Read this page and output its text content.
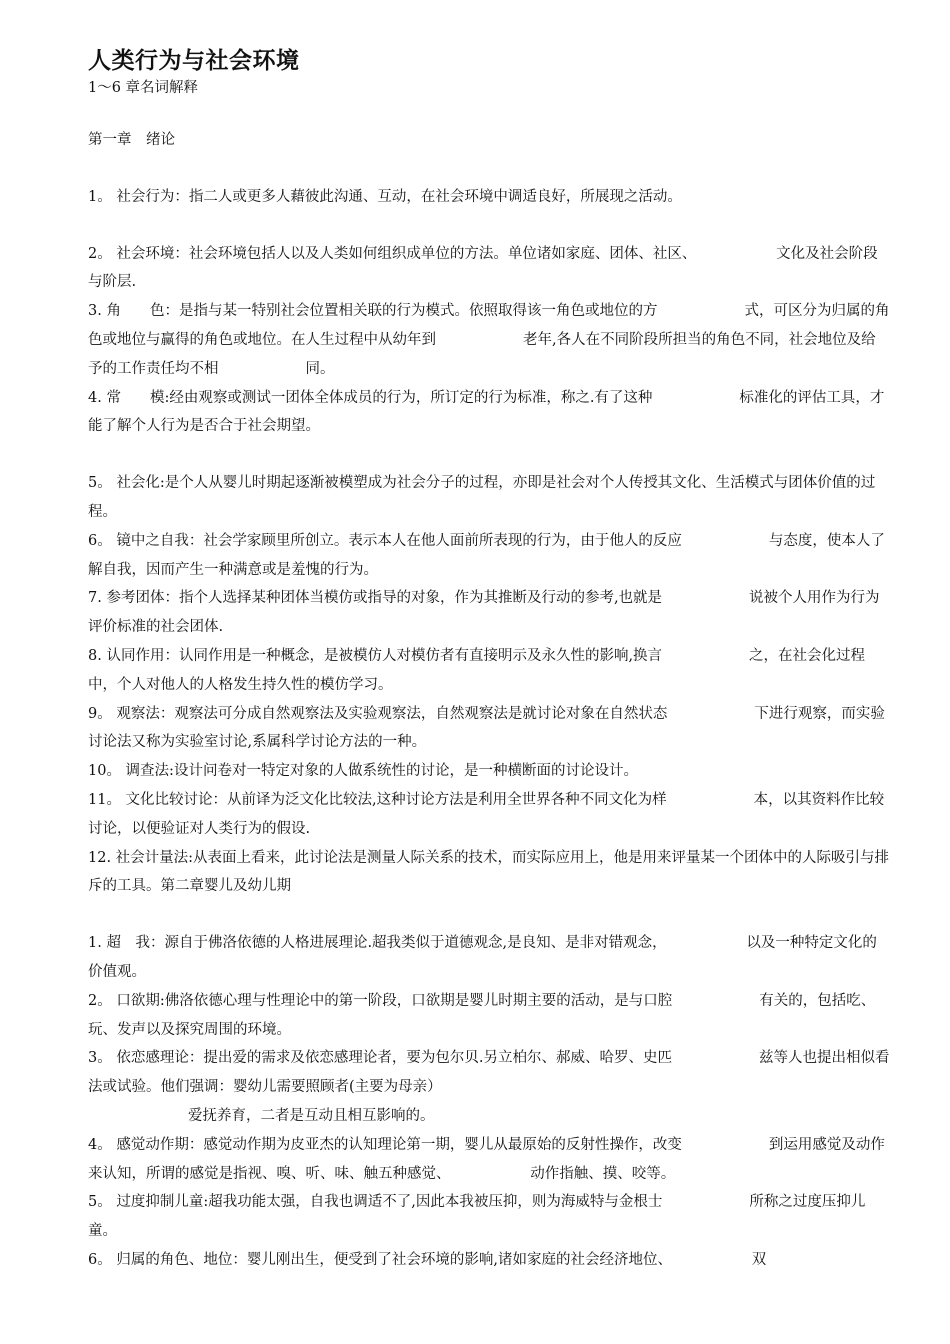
人类行为与社会环境

1～6 章名词解释

第一章　绪论

1。 社会行为：指二人或更多人藉彼此沟通、互动，在社会环境中调适良好，所展现之活动。

2。 社会环境：社会环境包括人以及人类如何组织成单位的方法。单位诸如家庭、团体、社区、　　　　　　文化及社会阶段与阶层.

3. 角　　色：是指与某一特别社会位置相关联的行为模式。依照取得该一角色或地位的方　　　　　　式，可区分为归属的角色或地位与赢得的角色或地位。在人生过程中从幼年到　　　　　　老年,各人在不同阶段所担当的角色不同，社会地位及给予的工作责任均不相　　　　　　同。

4. 常　　模:经由观察或测试一团体全体成员的行为，所订定的行为标准，称之.有了这种　　　　　　标准化的评估工具，才能了解个人行为是否合于社会期望。

5。 社会化:是个人从婴儿时期起逐渐被模塑成为社会分子的过程，亦即是社会对个人传授其文化、生活模式与团体价值的过程。

6。 镜中之自我：社会学家顾里所创立。表示本人在他人面前所表现的行为，由于他人的反应　　　　　　与态度，使本人了解自我，因而产生一种满意或是羞愧的行为。

7. 参考团体：指个人选择某种团体当模仿或指导的对象，作为其推断及行动的参考,也就是　　　　　　说被个人用作为行为评价标准的社会团体.

8. 认同作用：认同作用是一种概念，是被模仿人对模仿者有直接明示及永久性的影响,换言　　　　　　之，在社会化过程中，个人对他人的人格发生持久性的模仿学习。

9。 观察法：观察法可分成自然观察法及实验观察法，自然观察法是就讨论对象在自然状态　　　　　　下进行观察，而实验讨论法又称为实验室讨论,系属科学讨论方法的一种。

10。 调查法:设计问卷对一特定对象的人做系统性的讨论，是一种横断面的讨论设计。

11。 文化比较讨论：从前译为泛文化比较法,这种讨论方法是利用全世界各种不同文化为样　　　　　　本，以其资料作比较讨论，以便验证对人类行为的假设.

12. 社会计量法:从表面上看来，此讨论法是测量人际关系的技术，而实际应用上，他是用来评量某一个团体中的人际吸引与排斥的工具。第二章婴儿及幼儿期

1. 超　我：源自于佛洛依德的人格进展理论.超我类似于道德观念,是良知、是非对错观念，　　　　　　以及一种特定文化的价值观。

2。 口欲期:佛洛依德心理与性理论中的第一阶段，口欲期是婴儿时期主要的活动，是与口腔　　　　　　有关的，包括吃、玩、发声以及探究周围的环境。

3。 依恋感理论：提出爱的需求及依恋感理论者，要为包尔贝.另立柏尔、郝威、哈罗、史匹　　　　　　兹等人也提出相似看法或试验。他们强调：婴幼儿需要照顾者(主要为母亲）

爱抚养育，二者是互动且相互影响的。

4。 感觉动作期：感觉动作期为皮亚杰的认知理论第一期，婴儿从最原始的反射性操作，改变　　　　　　到运用感觉及动作来认知，所谓的感觉是指视、嗅、听、味、触五种感觉、　　　　　　动作指触、摸、咬等。

5。 过度抑制儿童:超我功能太强，自我也调适不了,因此本我被压抑，则为海威特与金根士　　　　　　所称之过度压抑儿童。

6。 归属的角色、地位：婴儿刚出生，便受到了社会环境的影响,诸如家庭的社会经济地位、　　　　　　双
